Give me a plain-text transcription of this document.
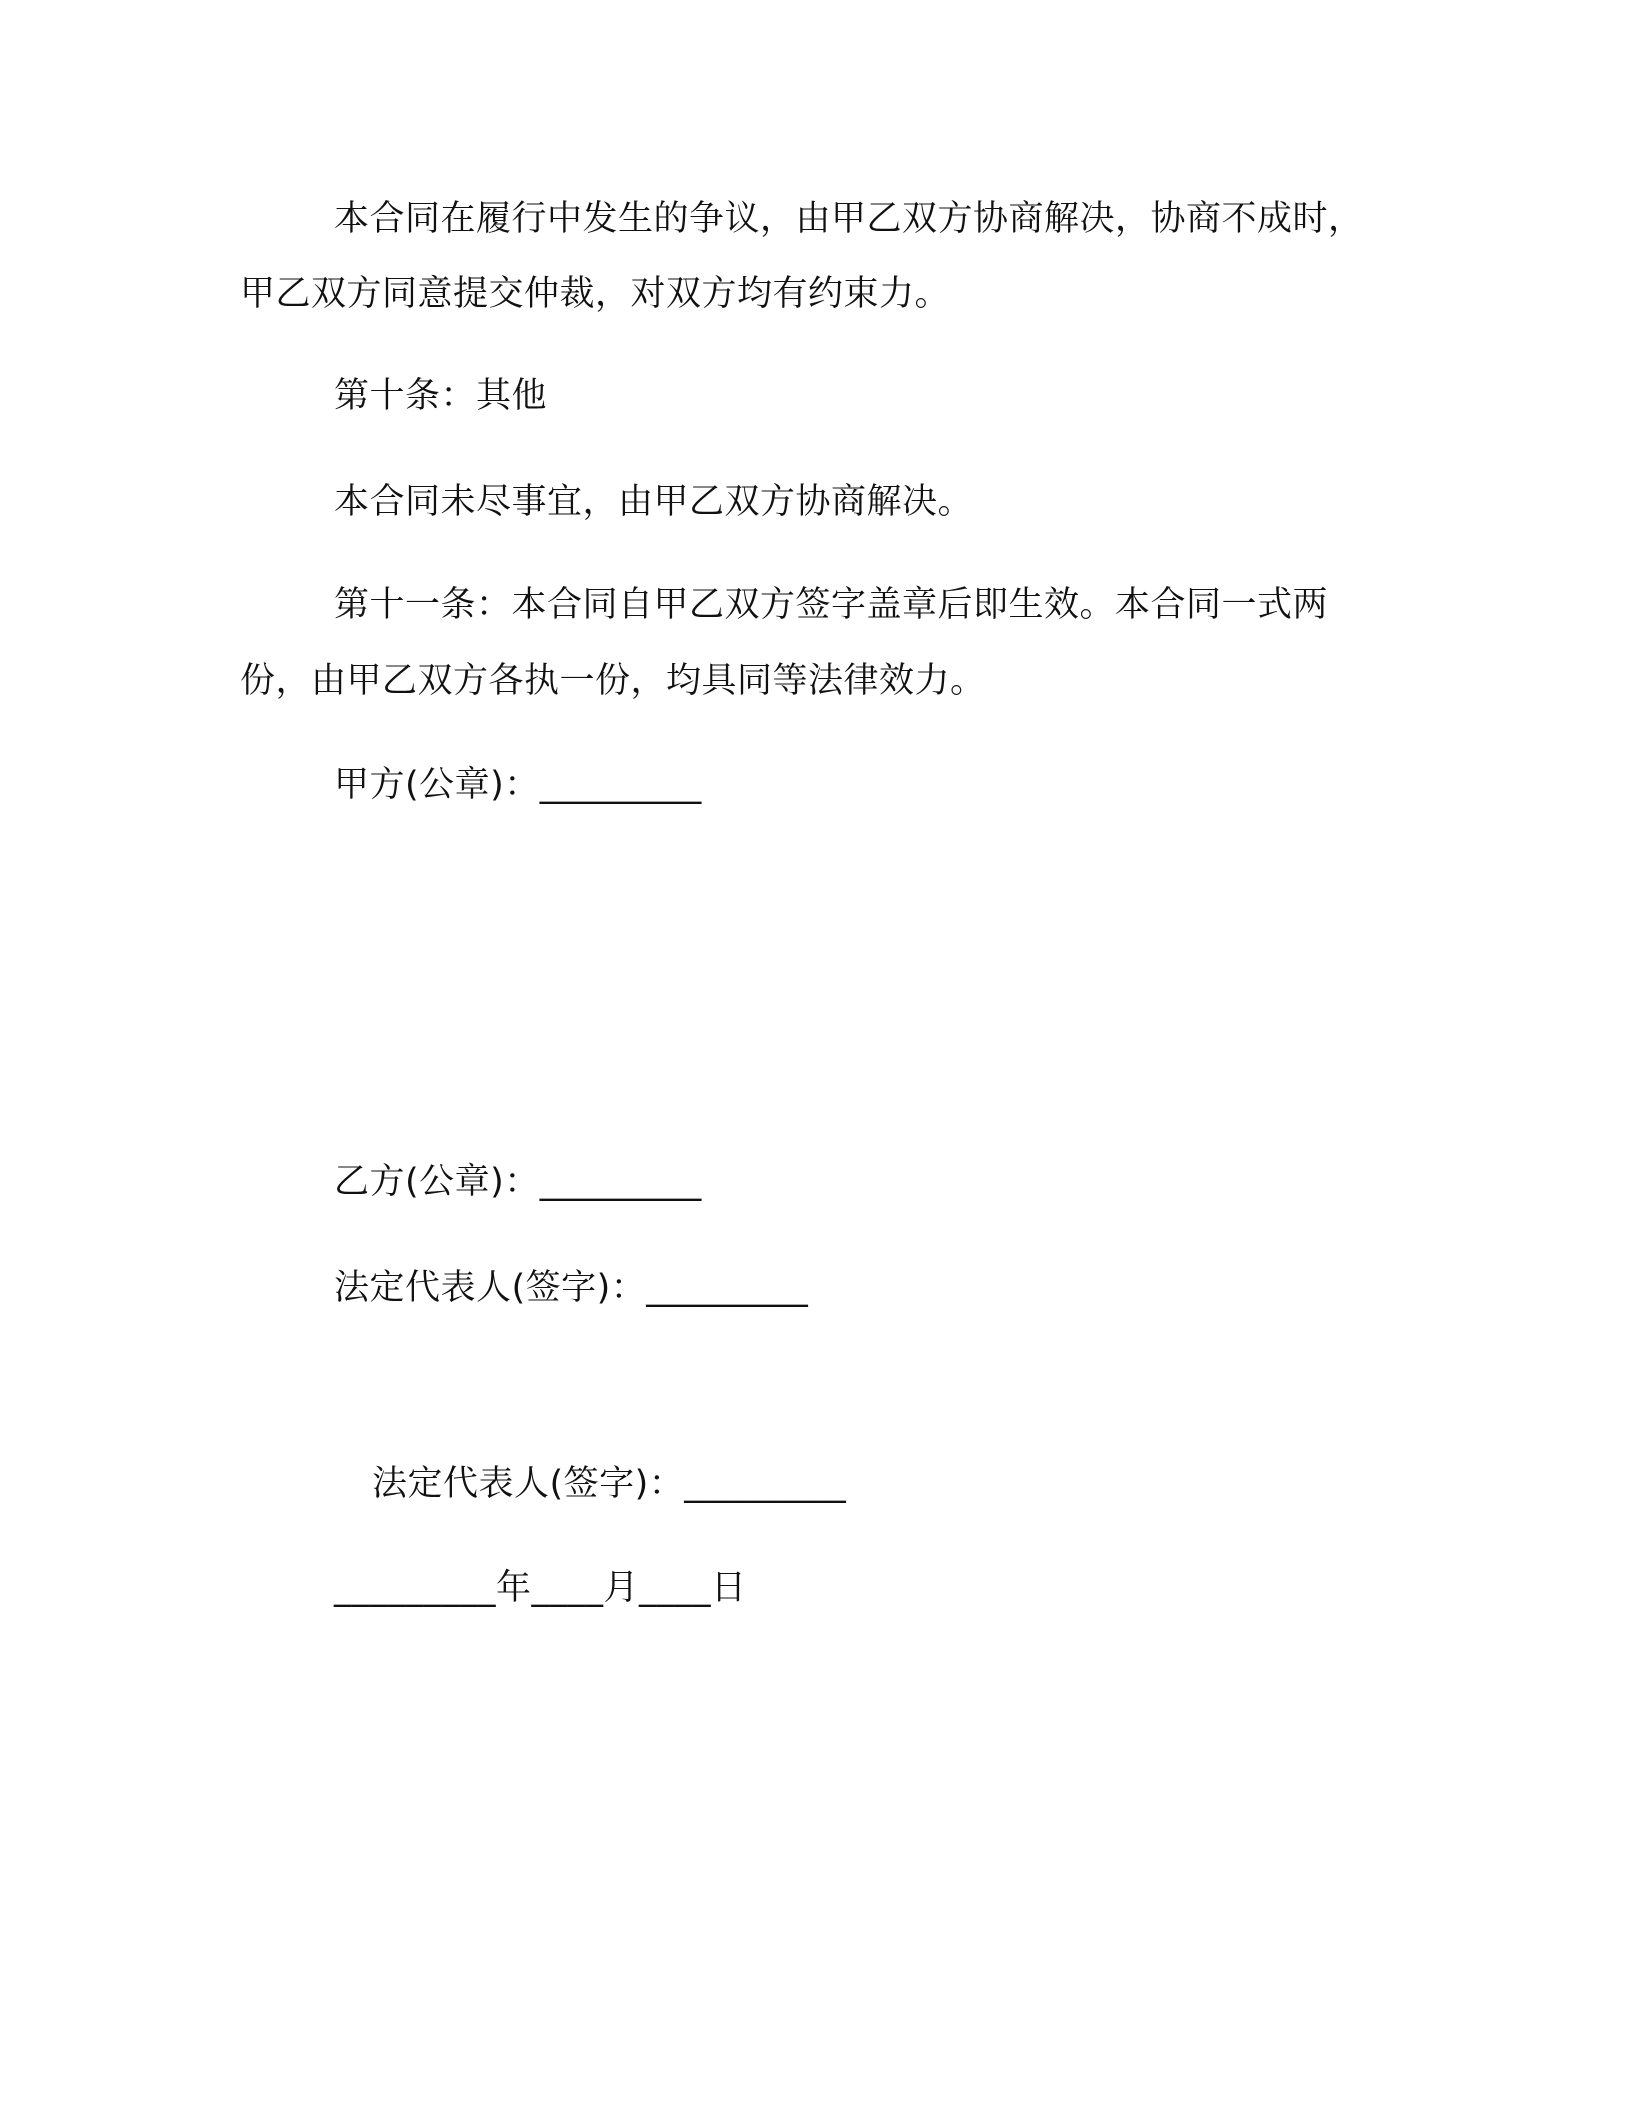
本合同在履行中发生的争议，由甲乙双方协商解决，协商不成时，
甲乙双方同意提交仲裁，对双方均有约束力。
第十条：其他
本合同未尽事宜，由甲乙双方协商解决。
第十一条：本合同自甲乙双方签字盖章后即生效。本合同一式两
份，由甲乙双方各执一份，均具同等法律效力。
甲方(公章)：_________
乙方(公章)：_________
法定代表人(签字)：_________
法定代表人(签字)：_________
_________年____月____日
